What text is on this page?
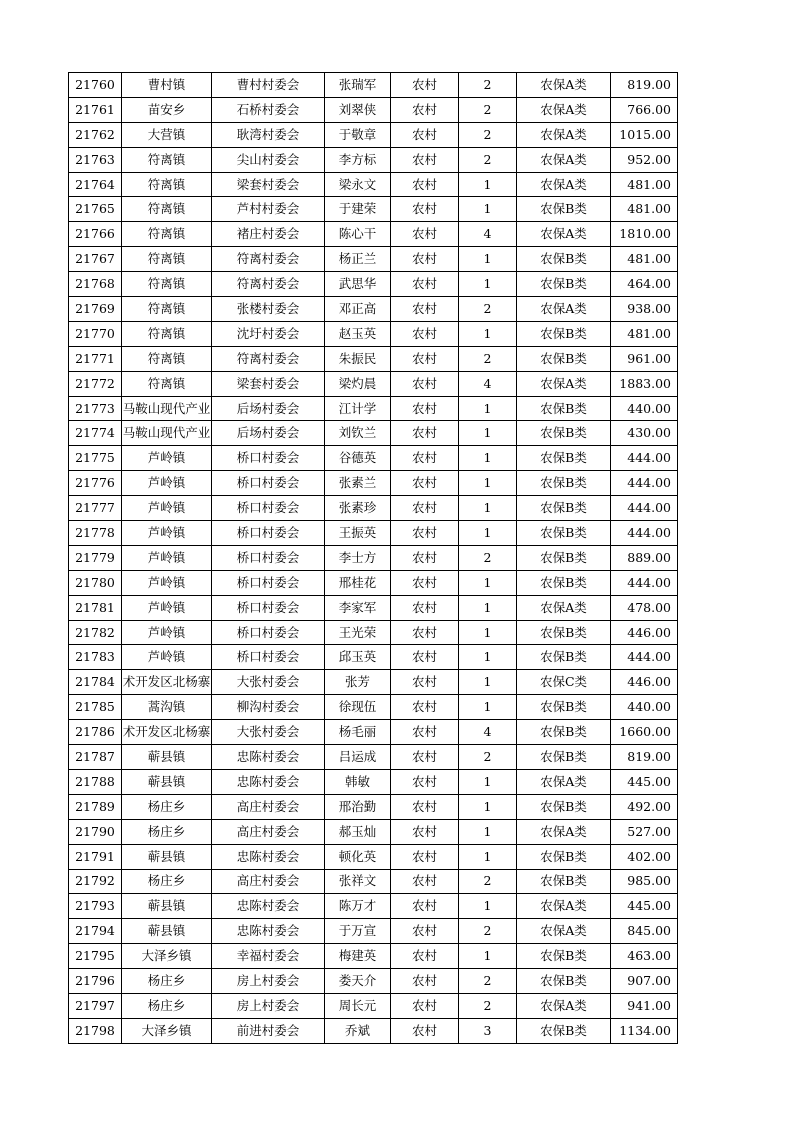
21760	曹村镇	曹村村委会	张瑞军	农村	2	农保A类	819.00
21761	苗安乡	石桥村委会	刘翠侠	农村	2	农保A类	766.00
21762	大营镇	耿湾村委会	于敬章	农村	2	农保A类	1015.00
21763	符离镇	尖山村委会	李方标	农村	2	农保A类	952.00
21764	符离镇	梁套村委会	梁永文	农村	1	农保A类	481.00
21765	符离镇	芦村村委会	于建荣	农村	1	农保B类	481.00
21766	符离镇	褚庄村委会	陈心干	农村	4	农保A类	1810.00
21767	符离镇	符离村委会	杨正兰	农村	1	农保B类	481.00
21768	符离镇	符离村委会	武思华	农村	1	农保B类	464.00
21769	符离镇	张楼村委会	邓正高	农村	2	农保A类	938.00
21770	符离镇	沈圩村委会	赵玉英	农村	1	农保B类	481.00
21771	符离镇	符离村委会	朱振民	农村	2	农保B类	961.00
21772	符离镇	梁套村委会	梁灼晨	农村	4	农保A类	1883.00
21773	马鞍山现代产业	后场村委会	江计学	农村	1	农保B类	440.00
21774	马鞍山现代产业	后场村委会	刘钦兰	农村	1	农保B类	430.00
21775	芦岭镇	桥口村委会	谷德英	农村	1	农保B类	444.00
21776	芦岭镇	桥口村委会	张素兰	农村	1	农保B类	444.00
21777	芦岭镇	桥口村委会	张素珍	农村	1	农保B类	444.00
21778	芦岭镇	桥口村委会	王振英	农村	1	农保B类	444.00
21779	芦岭镇	桥口村委会	李士方	农村	2	农保B类	889.00
21780	芦岭镇	桥口村委会	邢桂花	农村	1	农保B类	444.00
21781	芦岭镇	桥口村委会	李家军	农村	1	农保A类	478.00
21782	芦岭镇	桥口村委会	王光荣	农村	1	农保B类	446.00
21783	芦岭镇	桥口村委会	邱玉英	农村	1	农保B类	444.00
21784	术开发区北杨寨	大张村委会	张芳	农村	1	农保C类	446.00
21785	蒿沟镇	柳沟村委会	徐现伍	农村	1	农保B类	440.00
21786	术开发区北杨寨	大张村委会	杨毛丽	农村	4	农保B类	1660.00
21787	蕲县镇	忠陈村委会	吕运成	农村	2	农保B类	819.00
21788	蕲县镇	忠陈村委会	韩敏	农村	1	农保A类	445.00
21789	杨庄乡	高庄村委会	邢治勤	农村	1	农保B类	492.00
21790	杨庄乡	高庄村委会	郝玉灿	农村	1	农保A类	527.00
21791	蕲县镇	忠陈村委会	顿化英	农村	1	农保B类	402.00
21792	杨庄乡	高庄村委会	张祥文	农村	2	农保B类	985.00
21793	蕲县镇	忠陈村委会	陈万才	农村	1	农保A类	445.00
21794	蕲县镇	忠陈村委会	于万宣	农村	2	农保A类	845.00
21795	大泽乡镇	幸福村委会	梅建英	农村	1	农保B类	463.00
21796	杨庄乡	房上村委会	娄天介	农村	2	农保B类	907.00
21797	杨庄乡	房上村委会	周长元	农村	2	农保A类	941.00
21798	大泽乡镇	前进村委会	乔斌	农村	3	农保B类	1134.00
